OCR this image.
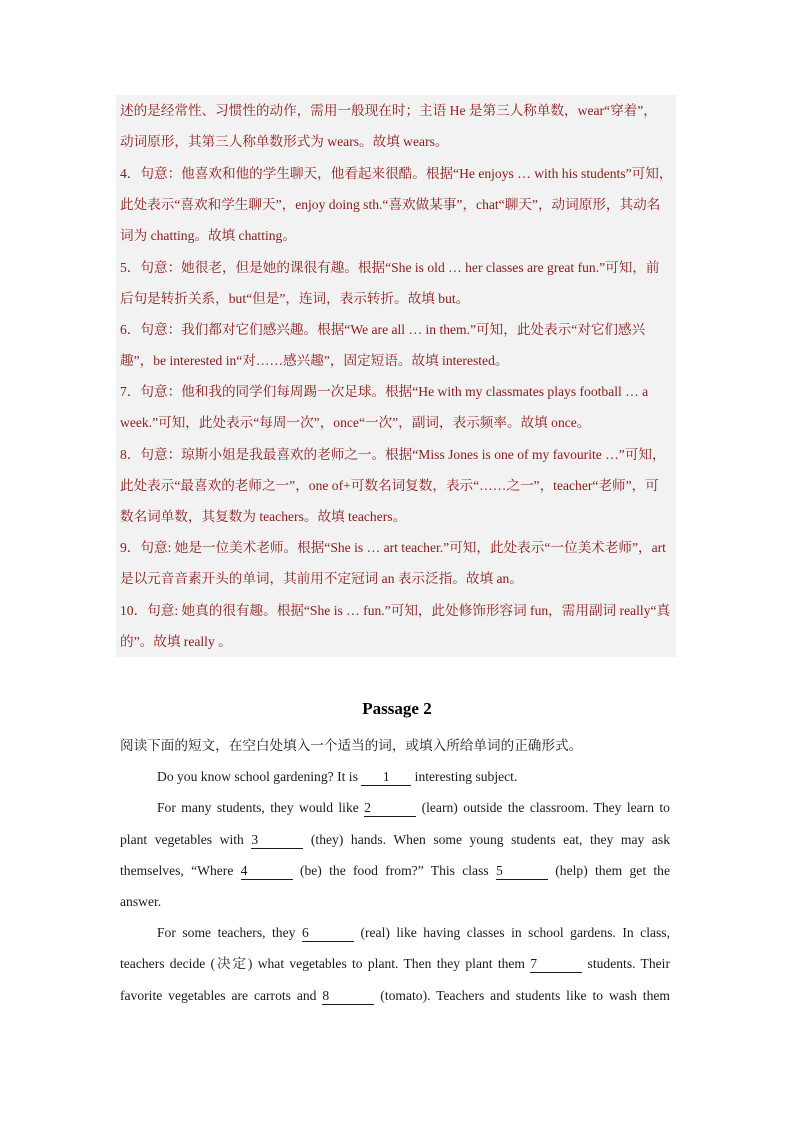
述的是经常性、习惯性的动作，需用一般现在时；主语 He 是第三人称单数，wear“穿着”，
动词原形，其第三人称单数形式为 wears。故填 wears。
4．句意：他喜欢和他的学生聊天，他看起来很酷。根据“He enjoys … with his students”可知，
此处表示“喜欢和学生聊天”，enjoy doing sth.“喜欢做某事”，chat“聊天”，动词原形，其动名
词为 chatting。故填 chatting。
5．句意：她很老，但是她的课很有趣。根据“She is old … her classes are great fun.”可知，前
后句是转折关系，but“但是”，连词，表示转折。故填 but。
6．句意：我们都对它们感兴趣。根据“We are all … in them.”可知，此处表示“对它们感兴
趣”，be interested in“对……感兴趣”，固定短语。故填 interested。
7．句意：他和我的同学们每周踢一次足球。根据“He with my classmates plays football … a
week.”可知，此处表示“每周一次”，once“一次”，副词，表示频率。故填 once。
8．句意：琼斯小姐是我最喜欢的老师之一。根据“Miss Jones is one of my favourite …”可知，
此处表示“最喜欢的老师之一”，one of+可数名词复数，表示“……之一”，teacher“老师”，可
数名词单数，其复数为 teachers。故填 teachers。
9．句意: 她是一位美术老师。根据“She is … art teacher.”可知，此处表示“一位美术老师”，art
是以元音音素开头的单词，其前用不定冠词 an 表示泛指。故填 an。
10．句意: 她真的很有趣。根据“She is … fun.”可知，此处修饰形容词 fun，需用副词 really“真
的”。故填 really 。
Passage 2
阅读下面的短文，在空白处填入一个适当的词，或填入所给单词的正确形式。
Do you know school gardening? It is 1 interesting subject.
For many students, they would like 2	(learn) outside the classroom. They learn to
plant vegetables with 3	(they) hands. When some young students eat, they may ask
themselves, “Where 4	(be) the food from?” This class 5	(help) them get the
answer.
For some teachers, they 6	(real) like having classes in school gardens. In class,
teachers decide (决定) what vegetables to plant. Then they plant them 7	students. Their
favorite vegetables are carrots and 8	(tomato). Teachers and students like to wash them
